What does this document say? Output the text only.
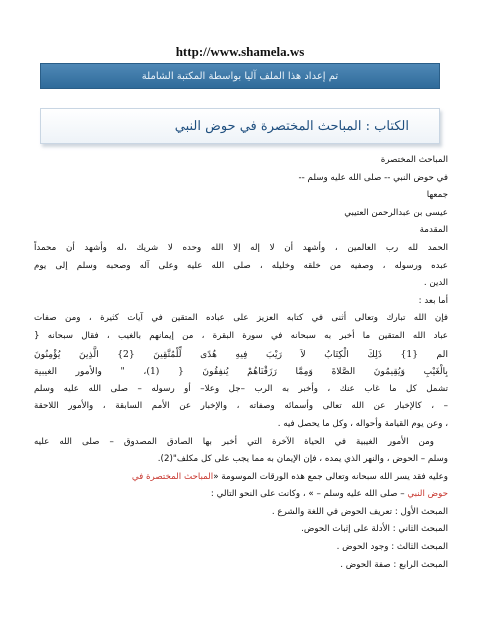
http://www.shamela.ws
تم إعداد هذا الملف آليا بواسطة المكتبة الشاملة
الكتاب : المباحث المختصرة في حوض النبي
المباحث المختصرة
في حوض النبي -- صلى الله عليه وسلم --
جمعها
عيسى بن عبدالرحمن العتيبي
المقدمة
الحمد لله رب العالمين ، وأشهد أن لا إله إلا الله وحده لا شريك ،له وأشهد أن محمداً
عبده ورسوله ، وصفيه من خلقه وخليله ، صلى الله عليه وعلى آله وصحبه وسلم إلى يوم
الدين .
أما بعد :
فإن الله تبارك وتعالى أثنى في كتابه العزيز على عباده المتقين في آيات كثيرة ، ومن صفات
عباد الله المتقين ما أخبر به سبحانه في سورة البقرة ، من إيمانهم بالغيب ، فقال سبحانه {
الم {1} ذَلِكَ الْكِتَابُ لاَ رَيْبَ فِيهِ هُدًى لِّلْمُتَّقِينَ {2} الَّذِينَ يُؤْمِنُونَ
بِالْغَيْبِ وَيُقِيمُونَ الصَّلاةَ وَمِمَّا رَزَقْنَاهُمْ يُنفِقُونَ { (1)، " والأمور الغيبية
تشمل كل ما غاب عنك ، وأخبر به الرب –جل وعلا– أو رسوله – صلى الله عليه وسلم
– ، كالإخبار عن الله تعالى وأسمائه وصفاته ، والإخبار عن الأمم السابقة ، والأمور اللاحقة
، وعن يوم القيامة وأحواله ، وكل ما يحصل فيه .
ومن الأمور الغيبية في الحياة الآخرة التي أخبر بها الصادق المصدوق – صلى الله عليه
وسلم – الحوض ، والنهر الذي يمده ، فإن الإيمان به مما يجب على كل مكلف"(2).
وعليه فقد يسر الله سبحانه وتعالى جمع هذه الورقات الموسومة «المباحث المختصرة في
حوض النبي – صلى الله عليه وسلم – » ، وكانت على النحو التالي :
المبحث الأول : تعريف الحوض في اللغة والشرع .
المبحث الثاني : الأدلة على إثبات الحوض.
المبحث الثالث : وجود الحوض .
المبحث الرابع : صفة الحوض .
